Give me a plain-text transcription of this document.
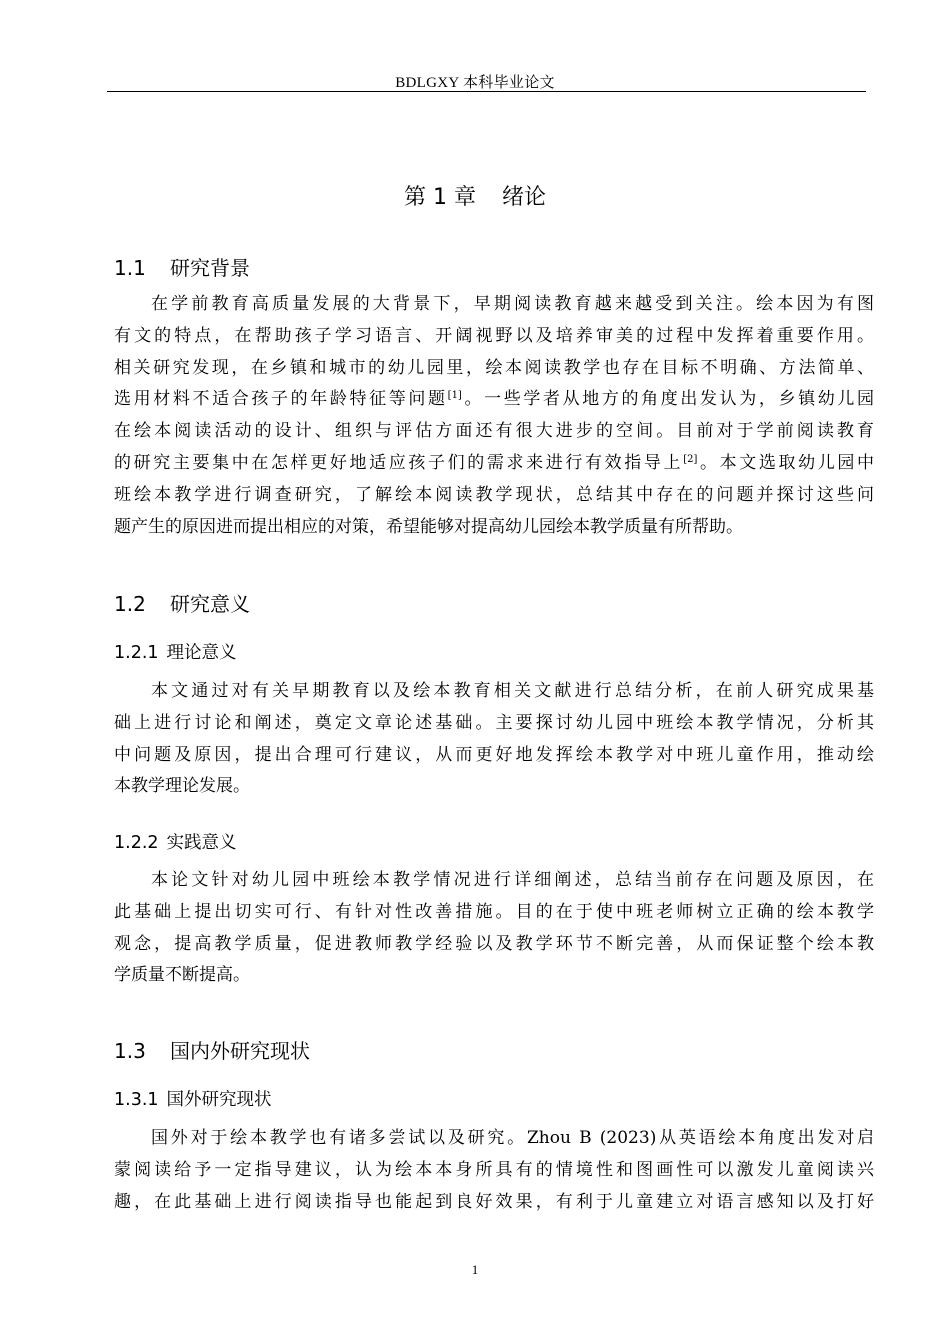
BDLGXY 本科毕业论文
第 1 章 绪论
1.1 研究背景
在学前教育高质量发展的大背景下，早期阅读教育越来越受到关注。绘本因为有图
有文的特点，在帮助孩子学习语言、开阔视野以及培养审美的过程中发挥着重要作用。
相关研究发现，在乡镇和城市的幼儿园里，绘本阅读教学也存在目标不明确、方法简单、
选用材料不适合孩子的年龄特征等问题[1]。一些学者从地方的角度出发认为，乡镇幼儿园
在绘本阅读活动的设计、组织与评估方面还有很大进步的空间。目前对于学前阅读教育
的研究主要集中在怎样更好地适应孩子们的需求来进行有效指导上[2]。本文选取幼儿园中
班绘本教学进行调查研究，了解绘本阅读教学现状，总结其中存在的问题并探讨这些问
题产生的原因进而提出相应的对策，希望能够对提高幼儿园绘本教学质量有所帮助。
1.2 研究意义
1.2.1 理论意义
本文通过对有关早期教育以及绘本教育相关文献进行总结分析，在前人研究成果基
础上进行讨论和阐述，奠定文章论述基础。主要探讨幼儿园中班绘本教学情况，分析其
中问题及原因，提出合理可行建议，从而更好地发挥绘本教学对中班儿童作用，推动绘
本教学理论发展。
1.2.2 实践意义
本论文针对幼儿园中班绘本教学情况进行详细阐述，总结当前存在问题及原因，在
此基础上提出切实可行、有针对性改善措施。目的在于使中班老师树立正确的绘本教学
观念，提高教学质量，促进教师教学经验以及教学环节不断完善，从而保证整个绘本教
学质量不断提高。
1.3 国内外研究现状
1.3.1 国外研究现状
国外对于绘本教学也有诸多尝试以及研究。Zhou B (2023)从英语绘本角度出发对启
蒙阅读给予一定指导建议，认为绘本本身所具有的情境性和图画性可以激发儿童阅读兴
趣，在此基础上进行阅读指导也能起到良好效果，有利于儿童建立对语言感知以及打好
1
